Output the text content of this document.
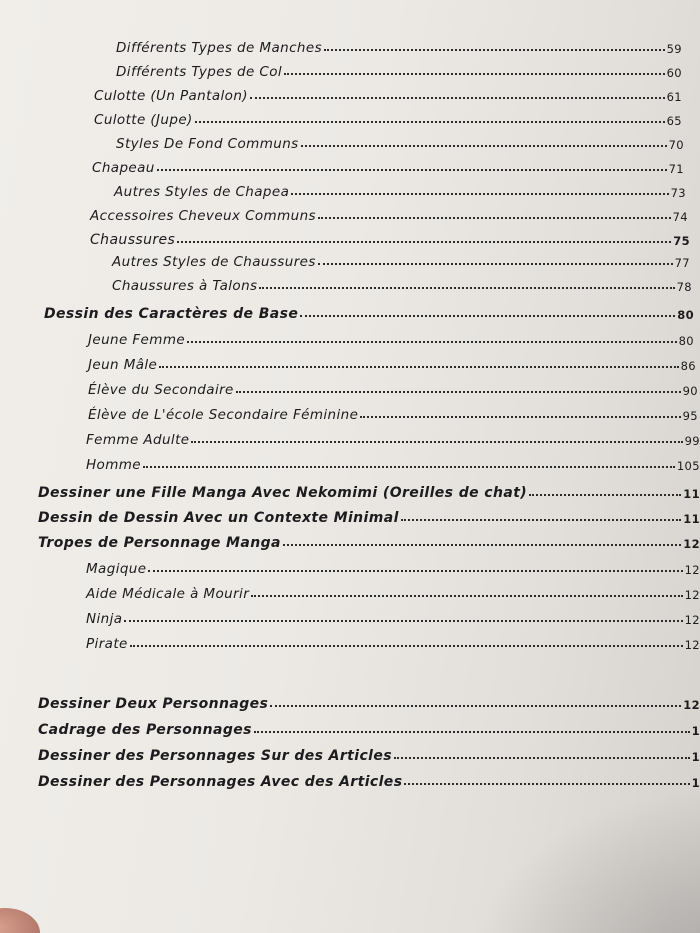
Différents Types de Manches	59
Différents Types de Col	60
Culotte (Un Pantalon)	61
Culotte (Jupe)	65
Styles De Fond Communs	70
Chapeau	71
Autres Styles de Chapea	73
Accessoires Cheveux Communs	74
Chaussures	75
Autres Styles de Chaussures	77
Chaussures à Talons	78
Dessin des Caractères de Base	80
Jeune Femme	80
Jeun Mâle	86
Élève du Secondaire	90
Élève de L'école Secondaire Féminine	95
Femme Adulte	99
Homme	105
Dessiner une Fille Manga Avec Nekomimi (Oreilles de chat)	11
Dessin de Dessin Avec un Contexte Minimal	11
Tropes de Personnage Manga	12
Magique	12
Aide Médicale à Mourir	12
Ninja	12
Pirate	12
Dessiner Deux Personnages	12
Cadrage des Personnages	1
Dessiner des Personnages Sur des Articles	1
Dessiner des Personnages Avec des Articles	1
